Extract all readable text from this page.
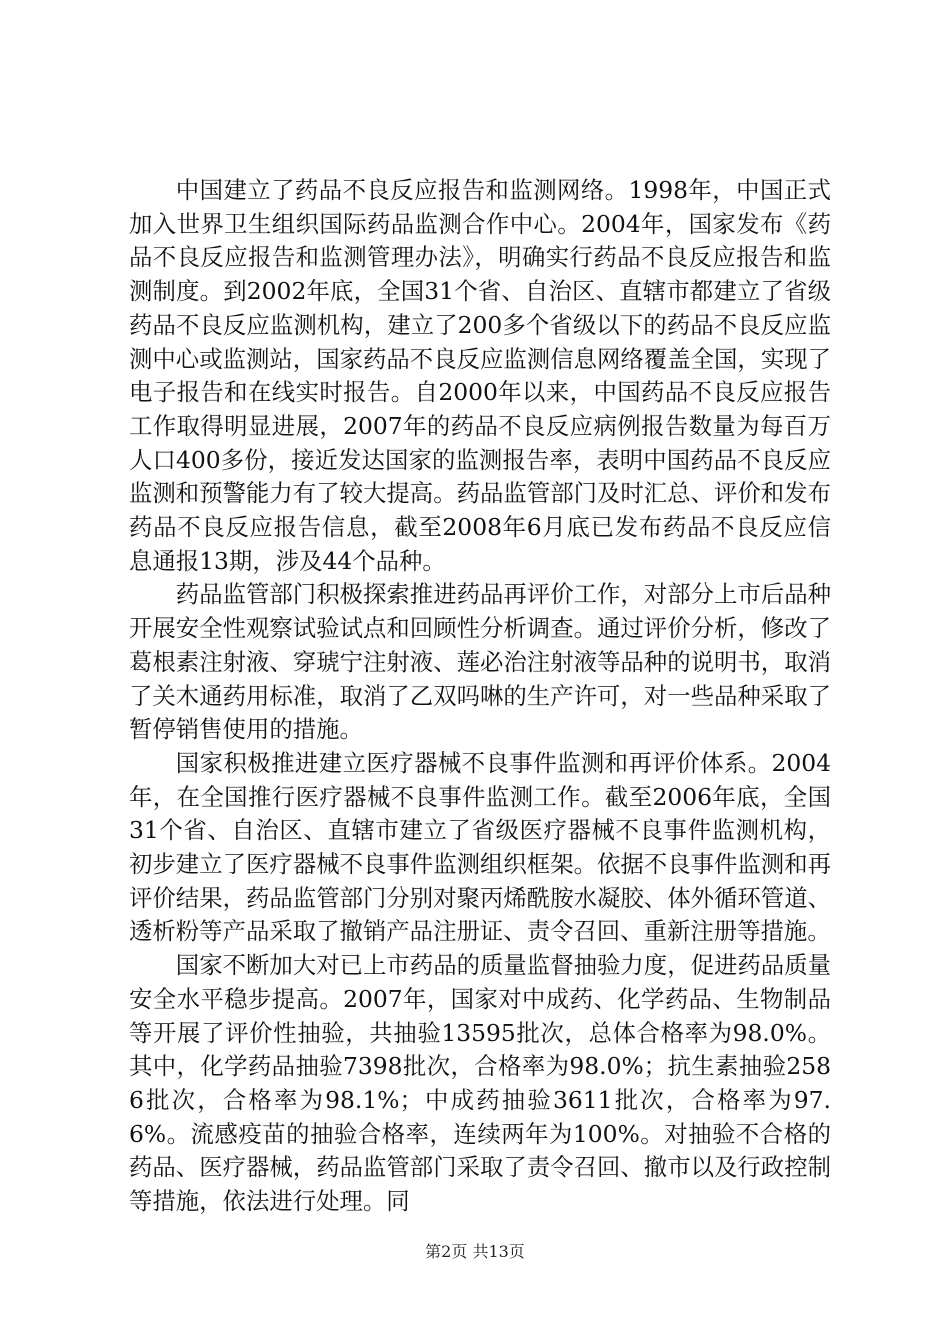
中国建立了药品不良反应报告和监测网络。1998年，中国正式加入世界卫生组织国际药品监测合作中心。2004年，国家发布《药品不良反应报告和监测管理办法》，明确实行药品不良反应报告和监测制度。到2002年底，全国31个省、自治区、直辖市都建立了省级药品不良反应监测机构，建立了200多个省级以下的药品不良反应监测中心或监测站，国家药品不良反应监测信息网络覆盖全国，实现了电子报告和在线实时报告。自2000年以来，中国药品不良反应报告工作取得明显进展，2007年的药品不良反应病例报告数量为每百万人口400多份，接近发达国家的监测报告率，表明中国药品不良反应监测和预警能力有了较大提高。药品监管部门及时汇总、评价和发布药品不良反应报告信息，截至2008年6月底已发布药品不良反应信息通报13期，涉及44个品种。

药品监管部门积极探索推进药品再评价工作，对部分上市后品种开展安全性观察试验试点和回顾性分析调查。通过评价分析，修改了葛根素注射液、穿琥宁注射液、莲必治注射液等品种的说明书，取消了关木通药用标准，取消了乙双吗啉的生产许可，对一些品种采取了暂停销售使用的措施。

国家积极推进建立医疗器械不良事件监测和再评价体系。2004年，在全国推行医疗器械不良事件监测工作。截至2006年底，全国31个省、自治区、直辖市建立了省级医疗器械不良事件监测机构，初步建立了医疗器械不良事件监测组织框架。依据不良事件监测和再评价结果，药品监管部门分别对聚丙烯酰胺水凝胶、体外循环管道、透析粉等产品采取了撤销产品注册证、责令召回、重新注册等措施。

国家不断加大对已上市药品的质量监督抽验力度，促进药品质量安全水平稳步提高。2007年，国家对中成药、化学药品、生物制品等开展了评价性抽验，共抽验13595批次，总体合格率为98.0%。其中，化学药品抽验7398批次，合格率为98.0%；抗生素抽验2586批次，合格率为98.1%；中成药抽验3611批次，合格率为97.6%。流感疫苗的抽验合格率，连续两年为100%。对抽验不合格的药品、医疗器械，药品监管部门采取了责令召回、撤市以及行政控制等措施，依法进行处理。同

第2页 共13页
